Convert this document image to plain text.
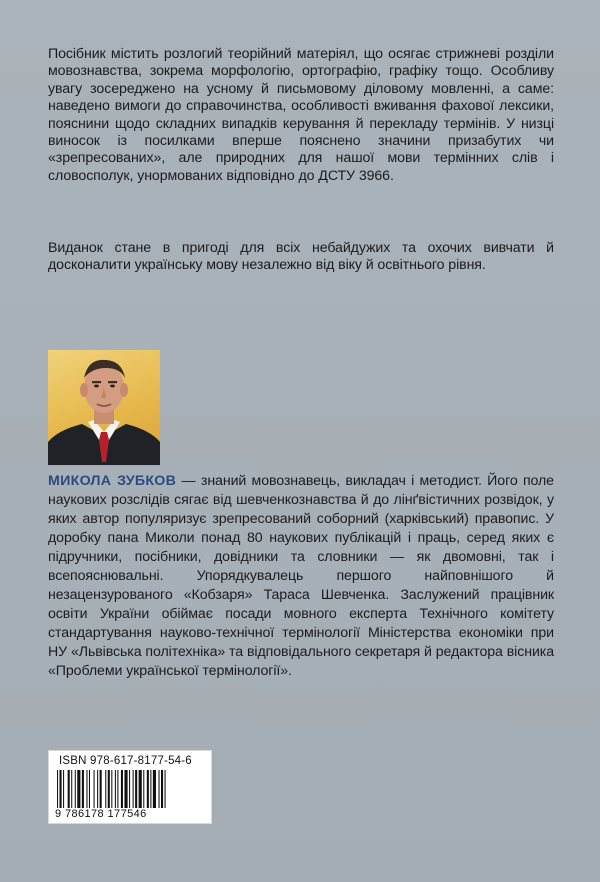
Посібник містить розлогий теорійний матеріял, що осягає стрижневі розділи мовознавства, зокрема морфологію, ортографію, графіку тощо. Особливу увагу зосереджено на усному й письмовому діловому мовленні, а саме: наведено вимоги до справочинства, особливості вживання фахової лексики, пояснини щодо складних випадків керування й перекладу термінів. У низці виносок із посилками вперше пояснено значини призабутих чи «зрепресованих», але природних для нашої мови термінних слів і словосполук, унормованих відповідно до ДСТУ 3966.

Виданок стане в пригоді для всіх небайдужих та охочих вивчати й досконалити українську мову незалежно від віку й освітнього рівня.

МИКОЛА ЗУБКОВ — знаний мовознавець, викладач і методист. Його поле наукових розслідів сягає від шевченкознавства й до лінґвістичних розвідок, у яких автор популяризує зрепресований соборний (харківський) правопис. У доробку пана Миколи понад 80 наукових публікацій і праць, серед яких є підручники, посібники, довідники та словники — як двомовні, так і всепояснювальні. Упорядкувалець першого найповнішого й незацензурованого «Кобзаря» Тараса Шевченка. Заслужений працівник освіти України обіймає посади мовного експерта Технічного комітету стандартування науково-технічної термінології Міністерства економіки при НУ «Львівська політехніка» та відповідального секретаря й редактора вісника «Проблеми української термінології».

ISBN 978-617-8177-54-6
9 786178 177546
